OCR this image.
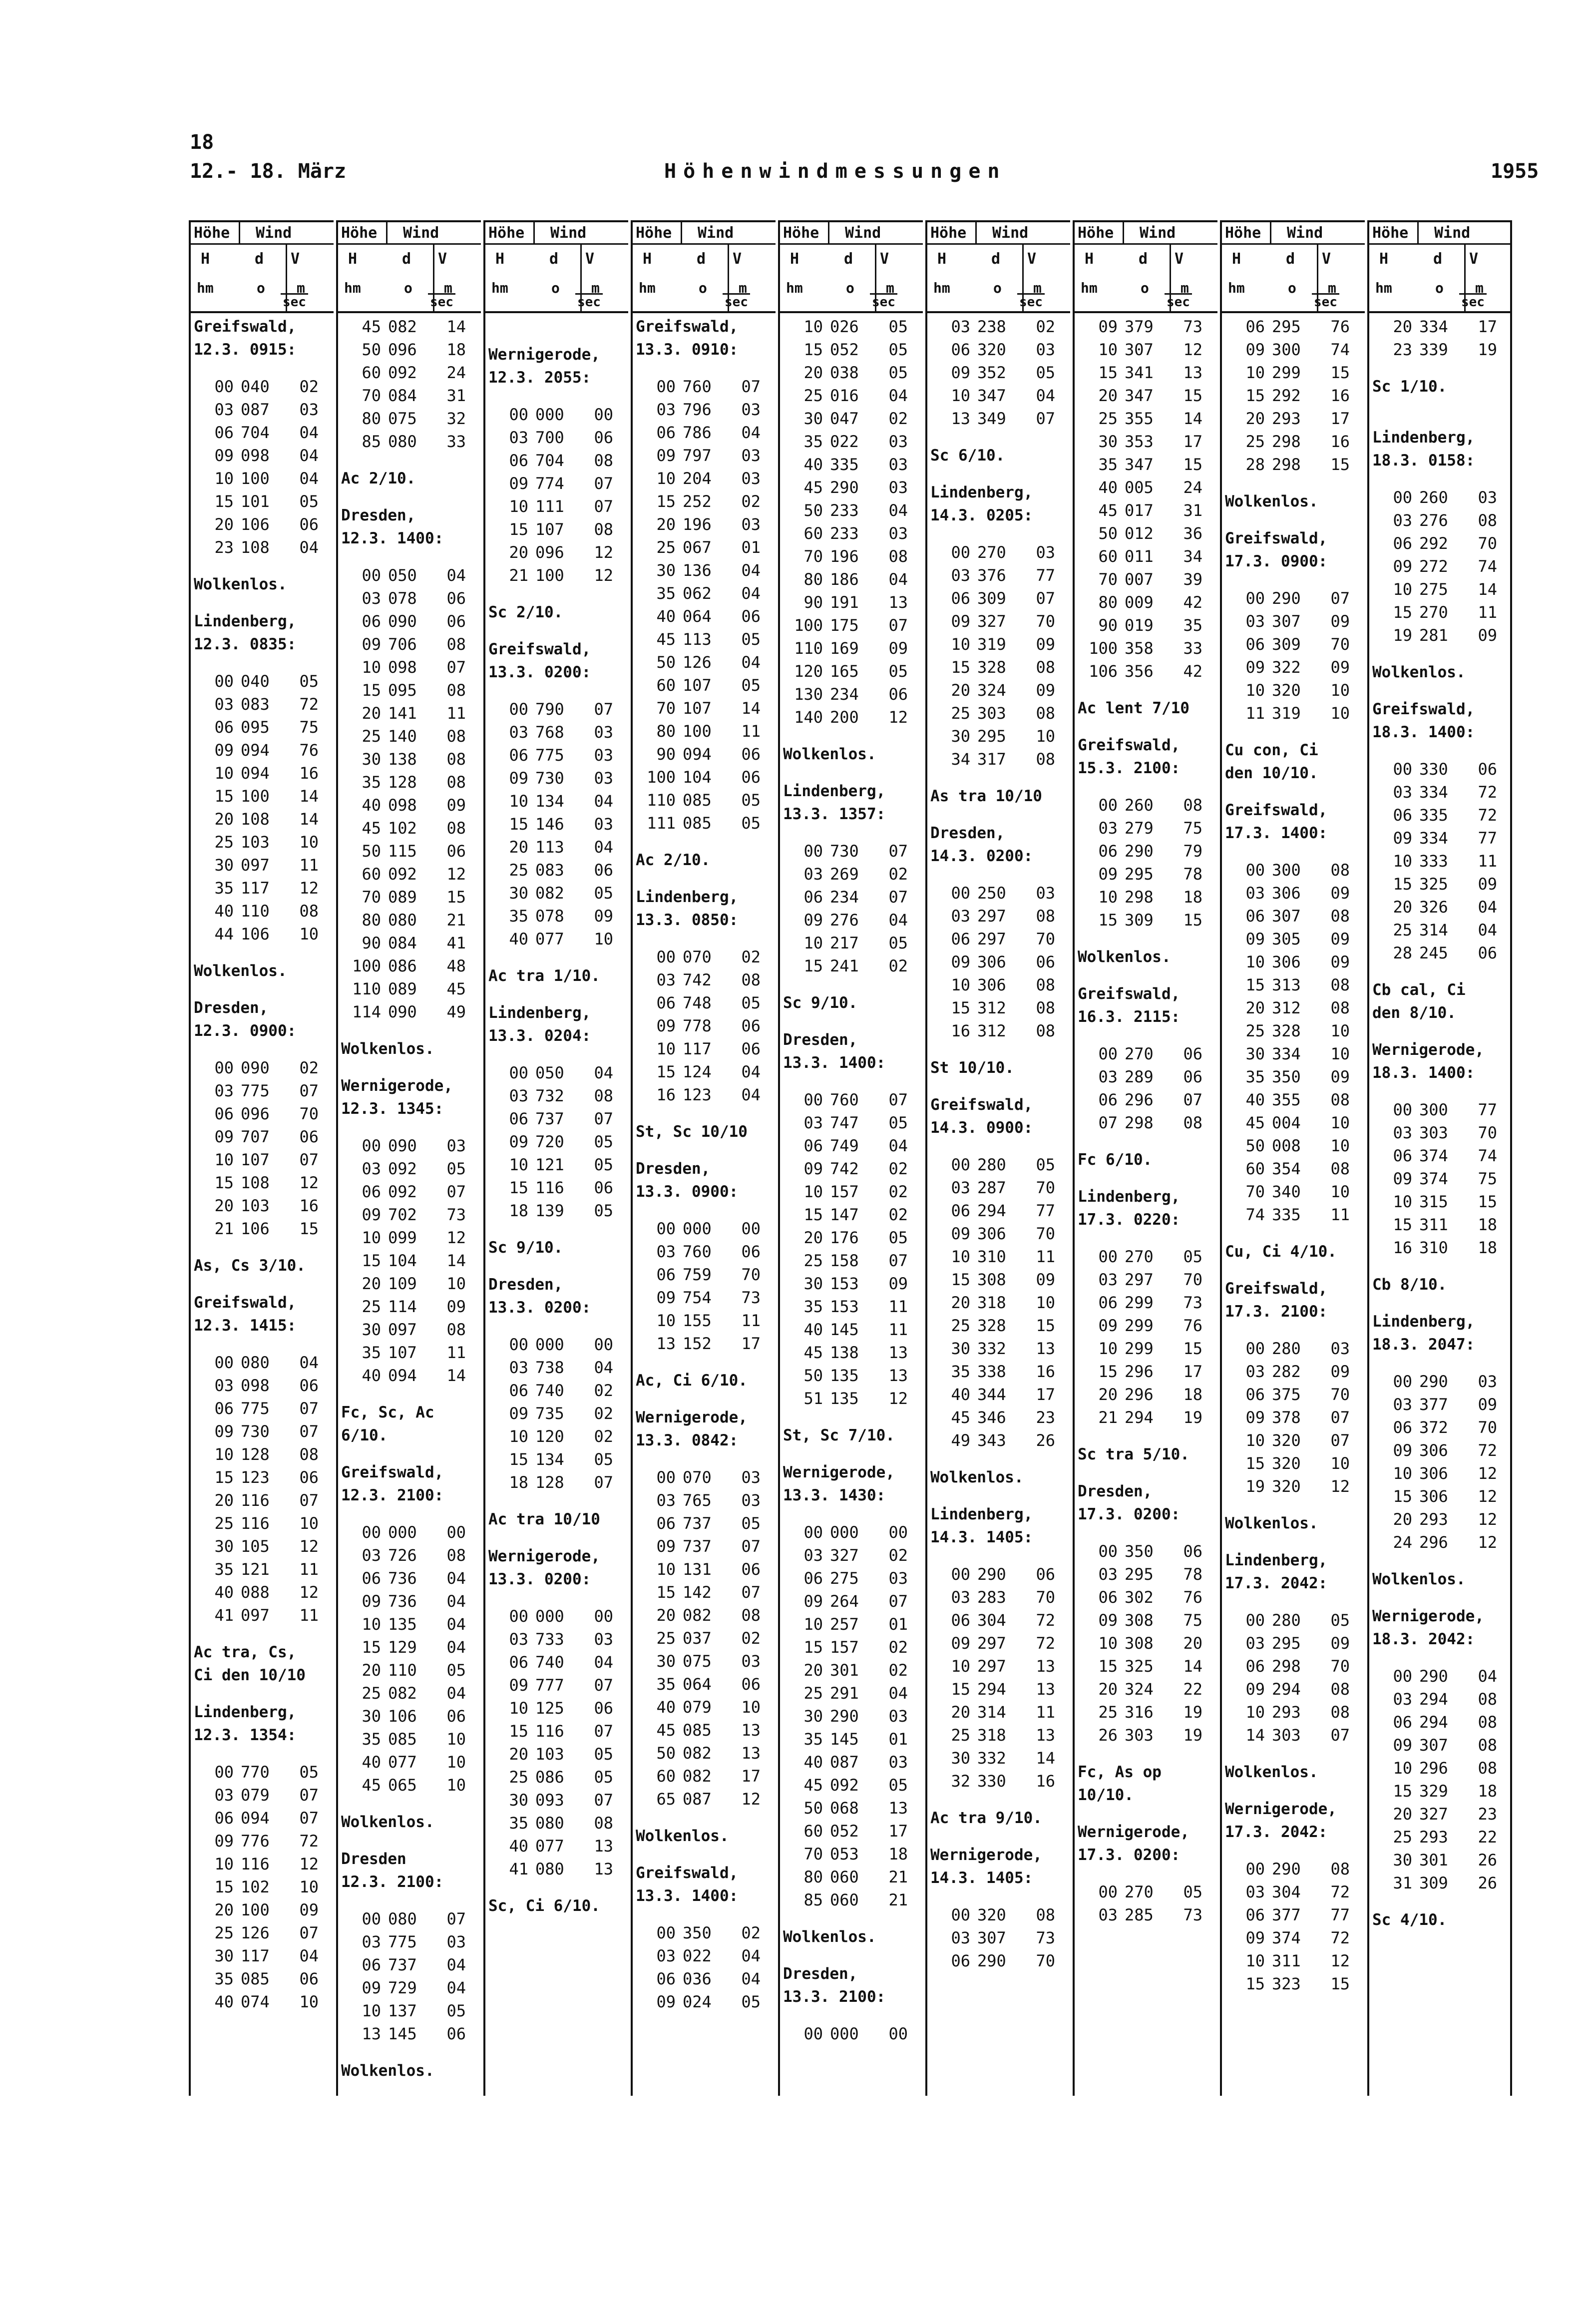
18
12.- 18. März	Höhenwindmessungen	1955
Höhe Wind
H	d V
hm	o m
sec
Greifswald,
12.3. 0915:
00 040	02
03 087	03
06 704	04
09 098	04
10 100	04
15 101	05
20 106	06
23 108	04
Wolkenlos.
Lindenberg,
12.3. 0835:
00 040	05
03 083	72
06 095	75
09 094	76
10 094	16
15 100	14
20 108	14
25 103	10
30 097	11
35 117	12
40 110	08
44 106	10
Wolkenlos.
Dresden,
12.3. 0900:
00 090	02
03 775	07
06 096	70
09 707	06
10 107	07
15 108	12
20 103	16
21 106	15
As, Cs 3/10.
Greifswald,
12.3. 1415:
00 080	04
03 098	06
06 775	07
09 730	07
10 128	08
15 123	06
20 116	07
25 116	10
30 105	12
35 121	11
40 088	12
41 097	11
Ac tra, Cs,
Ci den 10/10
Lindenberg,
12.3. 1354:
00 770	05
03 079	07
06 094	07
09 776	72
10 116	12
15 102	10
20 100	09
25 126	07
30 117	04
35 085	06
40 074	10
Höhe Wind
H	d V
hm	o m
sec
45 082	14
50 096	18
60 092	24
70 084	31
80 075	32
85 080	33
Ac 2/10.
Dresden,
12.3. 1400:
00 050	04
03 078	06
06 090	06
09 706	08
10 098	07
15 095	08
20 141	11
25 140	08
30 138	08
35 128	08
40 098	09
45 102	08
50 115	06
60 092	12
70 089	15
80 080	21
90 084	41
100 086	48
110 089	45
114 090	49
Wolkenlos.
Wernigerode,
12.3. 1345:
00 090	03
03 092	05
06 092	07
09 702	73
10 099	12
15 104	14
20 109	10
25 114	09
30 097	08
35 107	11
40 094	14
Fc, Sc, Ac
6/10.
Greifswald,
12.3. 2100:
00 000	00
03 726	08
06 736	04
09 736	04
10 135	04
15 129	04
20 110	05
25 082	04
30 106	06
35 085	10
40 077	10
45 065	10
Wolkenlos.
Dresden
12.3. 2100:
00 080	07
03 775	03
06 737	04
09 729	04
10 137	05
13 145	06
Wolkenlos.
Höhe Wind
H	d V
hm	o m
sec
Wernigerode,
12.3. 2055:
00 000	00
03 700	06
06 704	08
09 774	07
10 111	07
15 107	08
20 096	12
21 100	12
Sc 2/10.
Greifswald,
13.3. 0200:
00 790	07
03 768	03
06 775	03
09 730	03
10 134	04
15 146	03
20 113	04
25 083	06
30 082	05
35 078	09
40 077	10
Ac tra 1/10.
Lindenberg,
13.3. 0204:
00 050	04
03 732	08
06 737	07
09 720	05
10 121	05
15 116	06
18 139	05
Sc 9/10.
Dresden,
13.3. 0200:
00 000	00
03 738	04
06 740	02
09 735	02
10 120	02
15 134	05
18 128	07
Ac tra 10/10
Wernigerode,
13.3. 0200:
00 000	00
03 733	03
06 740	04
09 777	07
10 125	06
15 116	07
20 103	05
25 086	05
30 093	07
35 080	08
40 077	13
41 080	13
Sc, Ci 6/10.
Höhe Wind
H	d V
hm	o m
sec
Greifswald,
13.3. 0910:
00 760	07
03 796	03
06 786	04
09 797	03
10 204	03
15 252	02
20 196	03
25 067	01
30 136	04
35 062	04
40 064	06
45 113	05
50 126	04
60 107	05
70 107	14
80 100	11
90 094	06
100 104	06
110 085	05
111 085	05
Ac 2/10.
Lindenberg,
13.3. 0850:
00 070	02
03 742	08
06 748	05
09 778	06
10 117	06
15 124	04
16 123	04
St, Sc 10/10
Dresden,
13.3. 0900:
00 000	00
03 760	06
06 759	70
09 754	73
10 155	11
13 152	17
Ac, Ci 6/10.
Wernigerode,
13.3. 0842:
00 070	03
03 765	03
06 737	05
09 737	07
10 131	06
15 142	07
20 082	08
25 037	02
30 075	03
35 064	06
40 079	10
45 085	13
50 082	13
60 082	17
65 087	12
Wolkenlos.
Greifswald,
13.3. 1400:
00 350	02
03 022	04
06 036	04
09 024	05
Höhe Wind
H	d V
hm	o m
sec
10 026	05
15 052	05
20 038	05
25 016	04
30 047	02
35 022	03
40 335	03
45 290	03
50 233	04
60 233	03
70 196	08
80 186	04
90 191	13
100 175	07
110 169	09
120 165	05
130 234	06
140 200	12
Wolkenlos.
Lindenberg,
13.3. 1357:
00 730	07
03 269	02
06 234	07
09 276	04
10 217	05
15 241	02
Sc 9/10.
Dresden,
13.3. 1400:
00 760	07
03 747	05
06 749	04
09 742	02
10 157	02
15 147	02
20 176	05
25 158	07
30 153	09
35 153	11
40 145	11
45 138	13
50 135	13
51 135	12
St, Sc 7/10.
Wernigerode,
13.3. 1430:
00 000	00
03 327	02
06 275	03
09 264	07
10 257	01
15 157	02
20 301	02
25 291	04
30 290	03
35 145	01
40 087	03
45 092	05
50 068	13
60 052	17
70 053	18
80 060	21
85 060	21
Wolkenlos.
Dresden,
13.3. 2100:
00 000	00
Höhe Wind
H	d V
hm	o m
sec
03 238	02
06 320	03
09 352	05
10 347	04
13 349	07
Sc 6/10.
Lindenberg,
14.3. 0205:
00 270	03
03 376	77
06 309	07
09 327	70
10 319	09
15 328	08
20 324	09
25 303	08
30 295	10
34 317	08
As tra 10/10
Dresden,
14.3. 0200:
00 250	03
03 297	08
06 297	70
09 306	06
10 306	08
15 312	08
16 312	08
St 10/10.
Greifswald,
14.3. 0900:
00 280	05
03 287	70
06 294	77
09 306	70
10 310	11
15 308	09
20 318	10
25 328	15
30 332	13
35 338	16
40 344	17
45 346	23
49 343	26
Wolkenlos.
Lindenberg,
14.3. 1405:
00 290	06
03 283	70
06 304	72
09 297	72
10 297	13
15 294	13
20 314	11
25 318	13
30 332	14
32 330	16
Ac tra 9/10.
Wernigerode,
14.3. 1405:
00 320	08
03 307	73
06 290	70
Höhe Wind
H	d V
hm	o m
sec
09 379	73
10 307	12
15 341	13
20 347	15
25 355	14
30 353	17
35 347	15
40 005	24
45 017	31
50 012	36
60 011	34
70 007	39
80 009	42
90 019	35
100 358	33
106 356	42
Ac lent 7/10
Greifswald,
15.3. 2100:
00 260	08
03 279	75
06 290	79
09 295	78
10 298	18
15 309	15
Wolkenlos.
Greifswald,
16.3. 2115:
00 270	06
03 289	06
06 296	07
07 298	08
Fc 6/10.
Lindenberg,
17.3. 0220:
00 270	05
03 297	70
06 299	73
09 299	76
10 299	15
15 296	17
20 296	18
21 294	19
Sc tra 5/10.
Dresden,
17.3. 0200:
00 350	06
03 295	78
06 302	76
09 308	75
10 308	20
15 325	14
20 324	22
25 316	19
26 303	19
Fc, As op
10/10.
Wernigerode,
17.3. 0200:
00 270	05
03 285	73
Höhe Wind
H	d V
hm	o m
sec
06 295	76
09 300	74
10 299	15
15 292	16
20 293	17
25 298	16
28 298	15
Wolkenlos.
Greifswald,
17.3. 0900:
00 290	07
03 307	09
06 309	70
09 322	09
10 320	10
11 319	10
Cu con, Ci
den 10/10.
Greifswald,
17.3. 1400:
00 300	08
03 306	09
06 307	08
09 305	09
10 306	09
15 313	08
20 312	08
25 328	10
30 334	10
35 350	09
40 355	08
45 004	10
50 008	10
60 354	08
70 340	10
74 335	11
Cu, Ci 4/10.
Greifswald,
17.3. 2100:
00 280	03
03 282	09
06 375	70
09 378	07
10 320	07
15 320	10
19 320	12
Wolkenlos.
Lindenberg,
17.3. 2042:
00 280	05
03 295	09
06 298	70
09 294	08
10 293	08
14 303	07
Wolkenlos.
Wernigerode,
17.3. 2042:
00 290	08
03 304	72
06 377	77
09 374	72
10 311	12
15 323	15
Höhe Wind
H	d V
hm	o m
sec
20 334	17
23 339	19
Sc 1/10.
Lindenberg,
18.3. 0158:
00 260	03
03 276	08
06 292	70
09 272	74
10 275	14
15 270	11
19 281	09
Wolkenlos.
Greifswald,
18.3. 1400:
00 330	06
03 334	72
06 335	72
09 334	77
10 333	11
15 325	09
20 326	04
25 314	04
28 245	06
Cb cal, Ci
den 8/10.
Wernigerode,
18.3. 1400:
00 300	77
03 303	70
06 374	74
09 374	75
10 315	15
15 311	18
16 310	18
Cb 8/10.
Lindenberg,
18.3. 2047:
00 290	03
03 377	09
06 372	70
09 306	72
10 306	12
15 306	12
20 293	12
24 296	12
Wolkenlos.
Wernigerode,
18.3. 2042:
00 290	04
03 294	08
06 294	08
09 307	08
10 296	08
15 329	18
20 327	23
25 293	22
30 301	26
31 309	26
Sc 4/10.
